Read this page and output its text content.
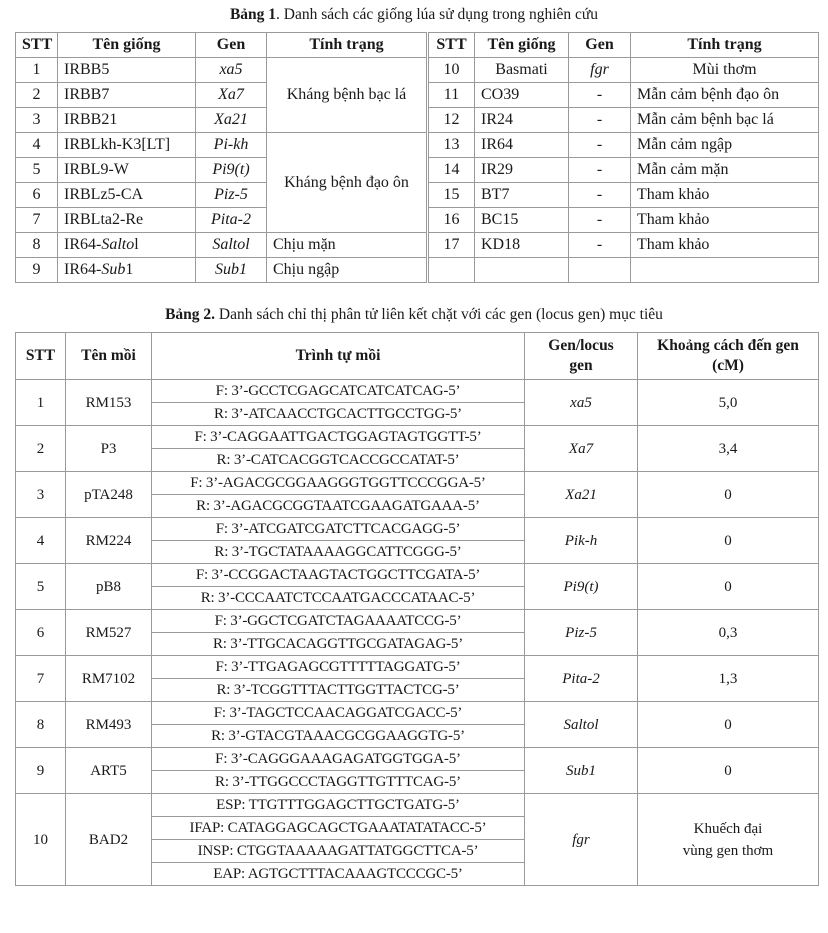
Bảng 1. Danh sách các giống lúa sử dụng trong nghiên cứu
STT	Tên giống	Gen	Tính trạng	STT	Tên giống	Gen	Tính trạng
1	IRBB5	xa5	Kháng bệnh bạc lá	10	Basmati	fgr	Mùi thơm
2	IRBB7	Xa7		11	CO39	-	Mẫn cảm bệnh đạo ôn
3	IRBB21	Xa21		12	IR24	-	Mẫn cảm bệnh bạc lá
4	IRBLkh-K3[LT]	Pi-kh	Kháng bệnh đạo ôn	13	IR64	-	Mẫn cảm ngập
5	IRBL9-W	Pi9(t)		14	IR29	-	Mẫn cảm mặn
6	IRBLz5-CA	Piz-5		15	BT7	-	Tham khảo
7	IRBLta2-Re	Pita-2		16	BC15	-	Tham khảo
8	IR64-Saltol	Saltol	Chịu mặn	17	KD18	-	Tham khảo
9	IR64-Sub1	Sub1	Chịu ngập				
Bảng 2. Danh sách chỉ thị phân tử liên kết chặt với các gen (locus gen) mục tiêu
STT	Tên mồi	Trình tự mồi	Gen/locus
gen	Khoảng cách đến gen
(cM)
1	RM153	F: 3’-GCCTCGAGCATCATCATCAG-5’	xa5	5,0
		R: 3’-ATCAACCTGCACTTGCCTGG-5’		
2	P3	F: 3’-CAGGAATTGACTGGAGTAGTGGTT-5’	Xa7	3,4
		R: 3’-CATCACGGTCACCGCCATAT-5’		
3	pTA248	F: 3’-AGACGCGGAAGGGTGGTTCCCGGA-5’	Xa21	0
		R: 3’-AGACGCGGTAATCGAAGATGAAA-5’		
4	RM224	F: 3’-ATCGATCGATCTTCACGAGG-5’	Pik-h	0
		R: 3’-TGCTATAAAAGGCATTCGGG-5’		
5	pB8	F: 3’-CCGGACTAAGTACTGGCTTCGATA-5’	Pi9(t)	0
		R: 3’-CCCAATCTCCAATGACCCATAAC-5’		
6	RM527	F: 3’-GGCTCGATCTAGAAAATCCG-5’	Piz-5	0,3
		R: 3’-TTGCACAGGTTGCGATAGAG-5’		
7	RM7102	F: 3’-TTGAGAGCGTTTTTAGGATG-5’	Pita-2	1,3
		R: 3’-TCGGTTTACTTGGTTACTCG-5’		
8	RM493	F: 3’-TAGCTCCAACAGGATCGACC-5’	Saltol	0
		R: 3’-GTACGTAAACGCGGAAGGTG-5’		
9	ART5	F: 3’-CAGGGAAAGAGATGGTGGA-5’	Sub1	0
		R: 3’-TTGGCCCTAGGTTGTTTCAG-5’		
10	BAD2	ESP: TTGTTTGGAGCTTGCTGATG-5’	fgr	Khuếch đại
vùng gen thơm
		IFAP: CATAGGAGCAGCTGAAATATATACC-5’		
		INSP: CTGGTAAAAAGATTATGGCTTCA-5’		
		EAP: AGTGCTTTACAAAGTCCCGC-5’		
